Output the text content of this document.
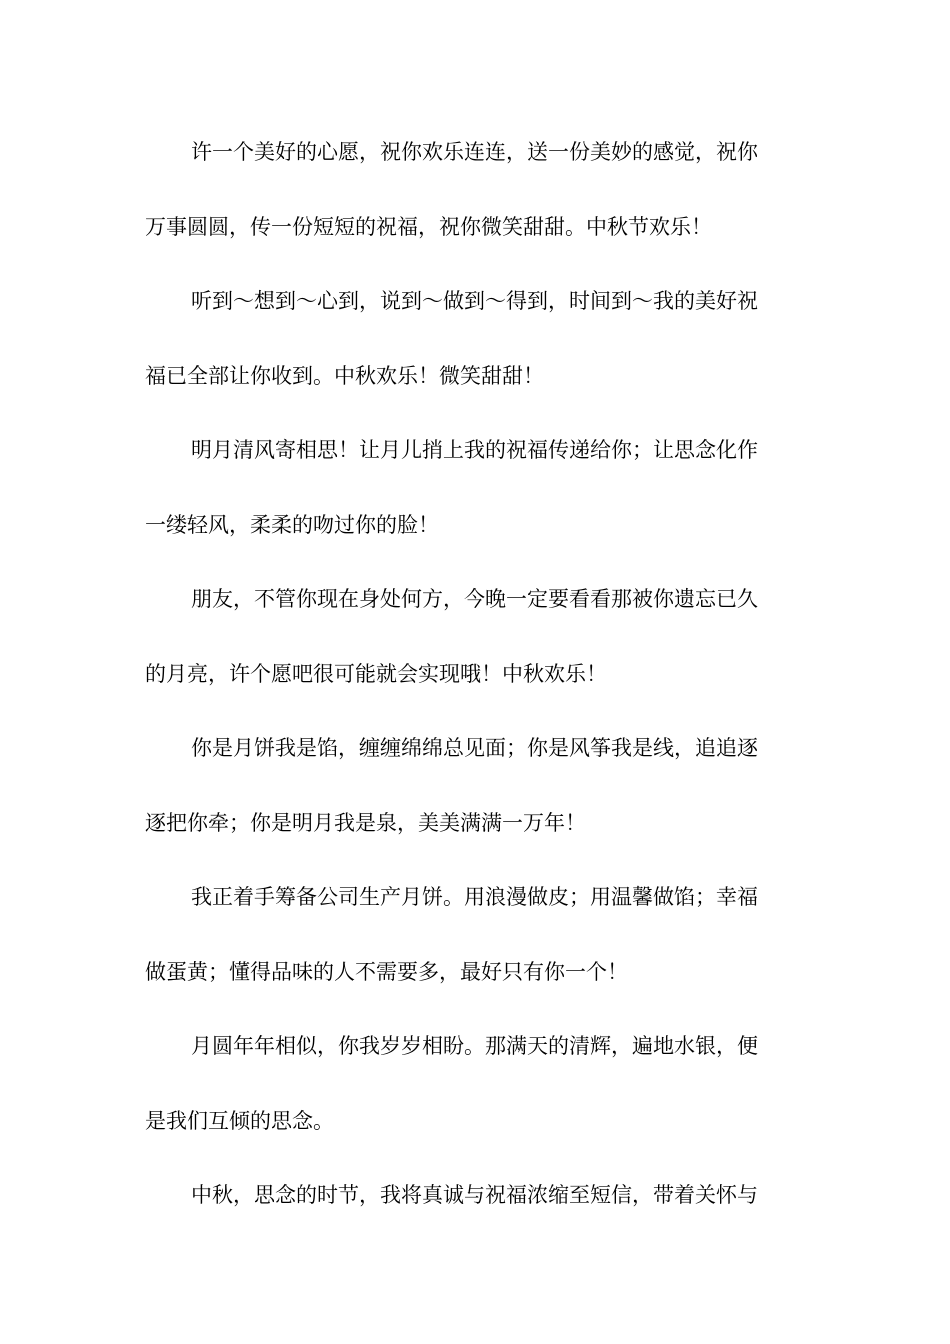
许一个美好的心愿，祝你欢乐连连，送一份美妙的感觉，祝你
万事圆圆，传一份短短的祝福，祝你微笑甜甜。中秋节欢乐！
听到～想到～心到，说到～做到～得到，时间到～我的美好祝
福已全部让你收到。中秋欢乐！微笑甜甜！
明月清风寄相思！让月儿捎上我的祝福传递给你；让思念化作
一缕轻风，柔柔的吻过你的脸！
朋友，不管你现在身处何方，今晚一定要看看那被你遗忘已久
的月亮，许个愿吧很可能就会实现哦！中秋欢乐！
你是月饼我是馅，缠缠绵绵总见面；你是风筝我是线，追追逐
逐把你牵；你是明月我是泉，美美满满一万年！
我正着手筹备公司生产月饼。用浪漫做皮；用温馨做馅；幸福
做蛋黄；懂得品味的人不需要多，最好只有你一个！
月圆年年相似，你我岁岁相盼。那满天的清辉，遍地水银，便
是我们互倾的思念。
中秋，思念的时节，我将真诚与祝福浓缩至短信，带着关怀与
